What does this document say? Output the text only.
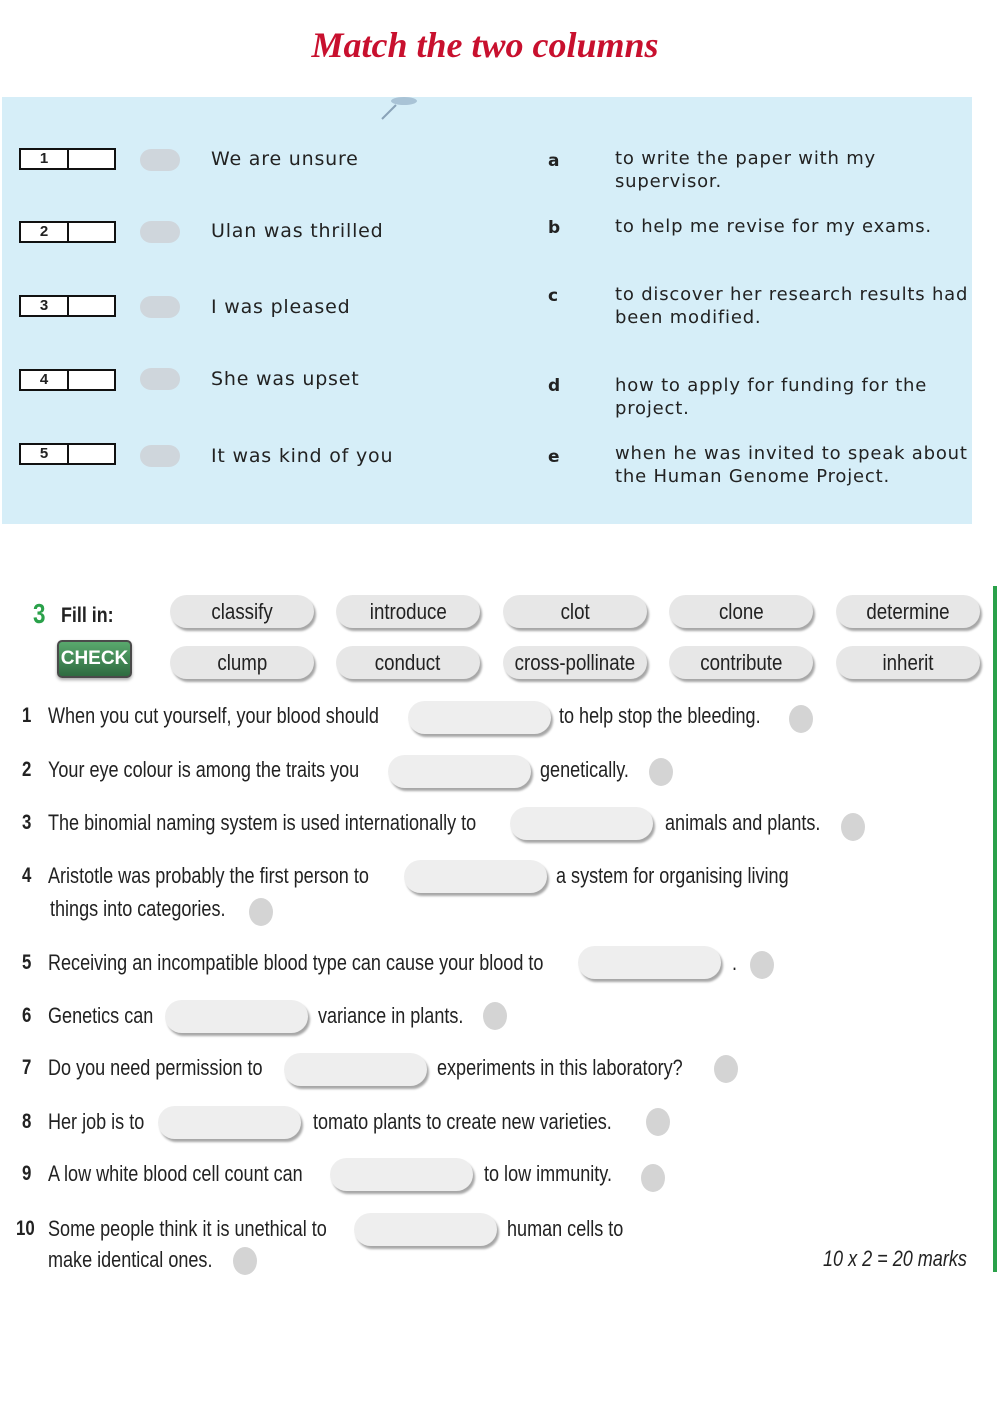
Match the two columns
1	We are unsure	a	to write the paper with my supervisor.
2	Ulan was thrilled	b	to help me revise for my exams.
3	I was pleased	c	to discover her research results had been modified.
4	She was upset	d	how to apply for funding for the project.
5	It was kind of you	e	when he was invited to speak about the Human Genome Project.
3 Fill in:
CHECK
classify	introduce	clot	clone	determine
clump	conduct	cross-pollinate	contribute	inherit
1 When you cut yourself, your blood should	to help stop the bleeding.
2 Your eye colour is among the traits you	genetically.
3 The binomial naming system is used internationally to	animals and plants.
4 Aristotle was probably the first person to	a system for organising living
things into categories.
5 Receiving an incompatible blood type can cause your blood to	.
6 Genetics can	variance in plants.
7 Do you need permission to	experiments in this laboratory?
8 Her job is to	tomato plants to create new varieties.
9 A low white blood cell count can	to low immunity.
10 Some people think it is unethical to	human cells to
make identical ones.	10 x 2 = 20 marks
